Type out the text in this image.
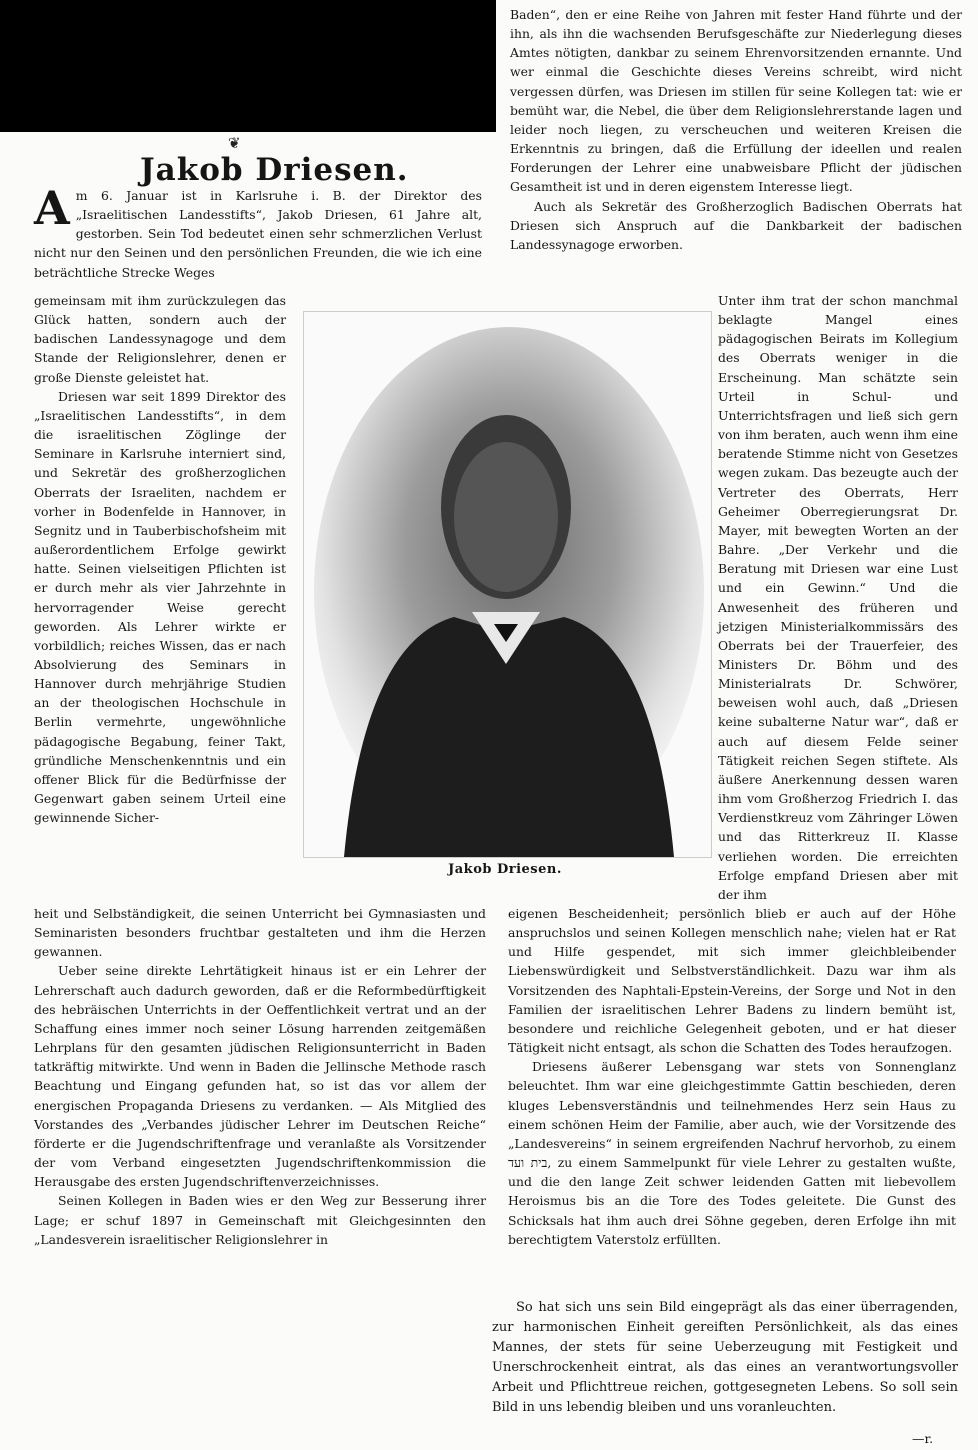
❦
Jakob Driesen.

Am 6. Januar ist in Karlsruhe i. B. der Direktor des „Israelitischen Landesstifts“, Jakob Driesen, 61 Jahre alt, gestorben. Sein Tod bedeutet einen sehr schmerzlichen Verlust nicht nur den Seinen und den persönlichen Freunden, die wie ich eine beträchtliche Strecke Weges

gemeinsam mit ihm zurückzulegen das Glück hatten, sondern auch der badischen Landessynagoge und dem Stande der Religionslehrer, denen er große Dienste geleistet hat.

Driesen war seit 1899 Direktor des „Israelitischen Landesstifts“, in dem die israelitischen Zöglinge der Seminare in Karlsruhe interniert sind, und Sekretär des großherzoglichen Oberrats der Israeliten, nachdem er vorher in Bodenfelde in Hannover, in Segnitz und in Tauberbischofsheim mit außerordentlichem Erfolge gewirkt hatte. Seinen vielseitigen Pflichten ist er durch mehr als vier Jahrzehnte in hervorragender Weise gerecht geworden. Als Lehrer wirkte er vorbildlich; reiches Wissen, das er nach Absolvierung des Seminars in Hannover durch mehrjährige Studien an der theologischen Hochschule in Berlin vermehrte, ungewöhnliche pädagogische Begabung, feiner Takt, gründliche Menschenkenntnis und ein offener Blick für die Bedürfnisse der Gegenwart gaben seinem Urteil eine gewinnende Sicher-

Jakob Driesen.

heit und Selbständigkeit, die seinen Unterricht bei Gymnasiasten und Seminaristen besonders fruchtbar gestalteten und ihm die Herzen gewannen.

Ueber seine direkte Lehrtätigkeit hinaus ist er ein Lehrer der Lehrerschaft auch dadurch geworden, daß er die Reformbedürftigkeit des hebräischen Unterrichts in der Oeffentlichkeit vertrat und an der Schaffung eines immer noch seiner Lösung harrenden zeitgemäßen Lehrplans für den gesamten jüdischen Religionsunterricht in Baden tatkräftig mitwirkte. Und wenn in Baden die Jellinsche Methode rasch Beachtung und Eingang gefunden hat, so ist das vor allem der energischen Propaganda Driesens zu verdanken. — Als Mitglied des Vorstandes des „Verbandes jüdischer Lehrer im Deutschen Reiche“ förderte er die Jugendschriftenfrage und veranlaßte als Vorsitzender der vom Verband eingesetzten Jugendschriftenkommission die Herausgabe des ersten Jugendschriftenverzeichnisses.

Seinen Kollegen in Baden wies er den Weg zur Besserung ihrer Lage; er schuf 1897 in Gemeinschaft mit Gleichgesinnten den „Landesverein israelitischer Religionslehrer in

Baden“, den er eine Reihe von Jahren mit fester Hand führte und der ihn, als ihn die wachsenden Berufsgeschäfte zur Niederlegung dieses Amtes nötigten, dankbar zu seinem Ehrenvorsitzenden ernannte. Und wer einmal die Geschichte dieses Vereins schreibt, wird nicht vergessen dürfen, was Driesen im stillen für seine Kollegen tat: wie er bemüht war, die Nebel, die über dem Religionslehrerstande lagen und leider noch liegen, zu verscheuchen und weiteren Kreisen die Erkenntnis zu bringen, daß die Erfüllung der ideellen und realen Forderungen der Lehrer eine unabweisbare Pflicht der jüdischen Gesamtheit ist und in deren eigenstem Interesse liegt.

Auch als Sekretär des Großherzoglich Badischen Oberrats hat Driesen sich Anspruch auf die Dankbarkeit der badischen Landessynagoge erworben.

Unter ihm trat der schon manchmal beklagte Mangel eines pädagogischen Beirats im Kollegium des Oberrats weniger in die Erscheinung. Man schätzte sein Urteil in Schul- und Unterrichtsfragen und ließ sich gern von ihm beraten, auch wenn ihm eine beratende Stimme nicht von Gesetzes wegen zukam. Das bezeugte auch der Vertreter des Oberrats, Herr Geheimer Oberregierungsrat Dr. Mayer, mit bewegten Worten an der Bahre. „Der Verkehr und die Beratung mit Driesen war eine Lust und ein Gewinn.“ Und die Anwesenheit des früheren und jetzigen Ministerialkommissärs des Oberrats bei der Trauerfeier, des Ministers Dr. Böhm und des Ministerialrats Dr. Schwörer, beweisen wohl auch, daß „Driesen keine subalterne Natur war“, daß er auch auf diesem Felde seiner Tätigkeit reichen Segen stiftete. Als äußere Anerkennung dessen waren ihm vom Großherzog Friedrich I. das Verdienstkreuz vom Zähringer Löwen und das Ritterkreuz II. Klasse verliehen worden. Die erreichten Erfolge empfand Driesen aber mit der ihm

eigenen Bescheidenheit; persönlich blieb er auch auf der Höhe anspruchslos und seinen Kollegen menschlich nahe; vielen hat er Rat und Hilfe gespendet, mit sich immer gleichbleibender Liebenswürdigkeit und Selbstverständlichkeit. Dazu war ihm als Vorsitzenden des Naphtali-Epstein-Vereins, der Sorge und Not in den Familien der israelitischen Lehrer Badens zu lindern bemüht ist, besondere und reichliche Gelegenheit geboten, und er hat dieser Tätigkeit nicht entsagt, als schon die Schatten des Todes heraufzogen.

Driesens äußerer Lebensgang war stets von Sonnenglanz beleuchtet. Ihm war eine gleichgestimmte Gattin beschieden, deren kluges Lebensverständnis und teilnehmendes Herz sein Haus zu einem schönen Heim der Familie, aber auch, wie der Vorsitzende des „Landesvereins“ in seinem ergreifenden Nachruf hervorhob, zu einem בית ועד, zu einem Sammelpunkt für viele Lehrer zu gestalten wußte, und die den lange Zeit schwer leidenden Gatten mit liebevollem Heroismus bis an die Tore des Todes geleitete. Die Gunst des Schicksals hat ihm auch drei Söhne gegeben, deren Erfolge ihn mit berechtigtem Vaterstolz erfüllten.

So hat sich uns sein Bild eingeprägt als das einer überragenden, zur harmonischen Einheit gereiften Persönlichkeit, als das eines Mannes, der stets für seine Ueberzeugung mit Festigkeit und Unerschrockenheit eintrat, als das eines an verantwortungsvoller Arbeit und Pflichttreue reichen, gottgesegneten Lebens. So soll sein Bild in uns lebendig bleiben und uns voranleuchten.

—r.
